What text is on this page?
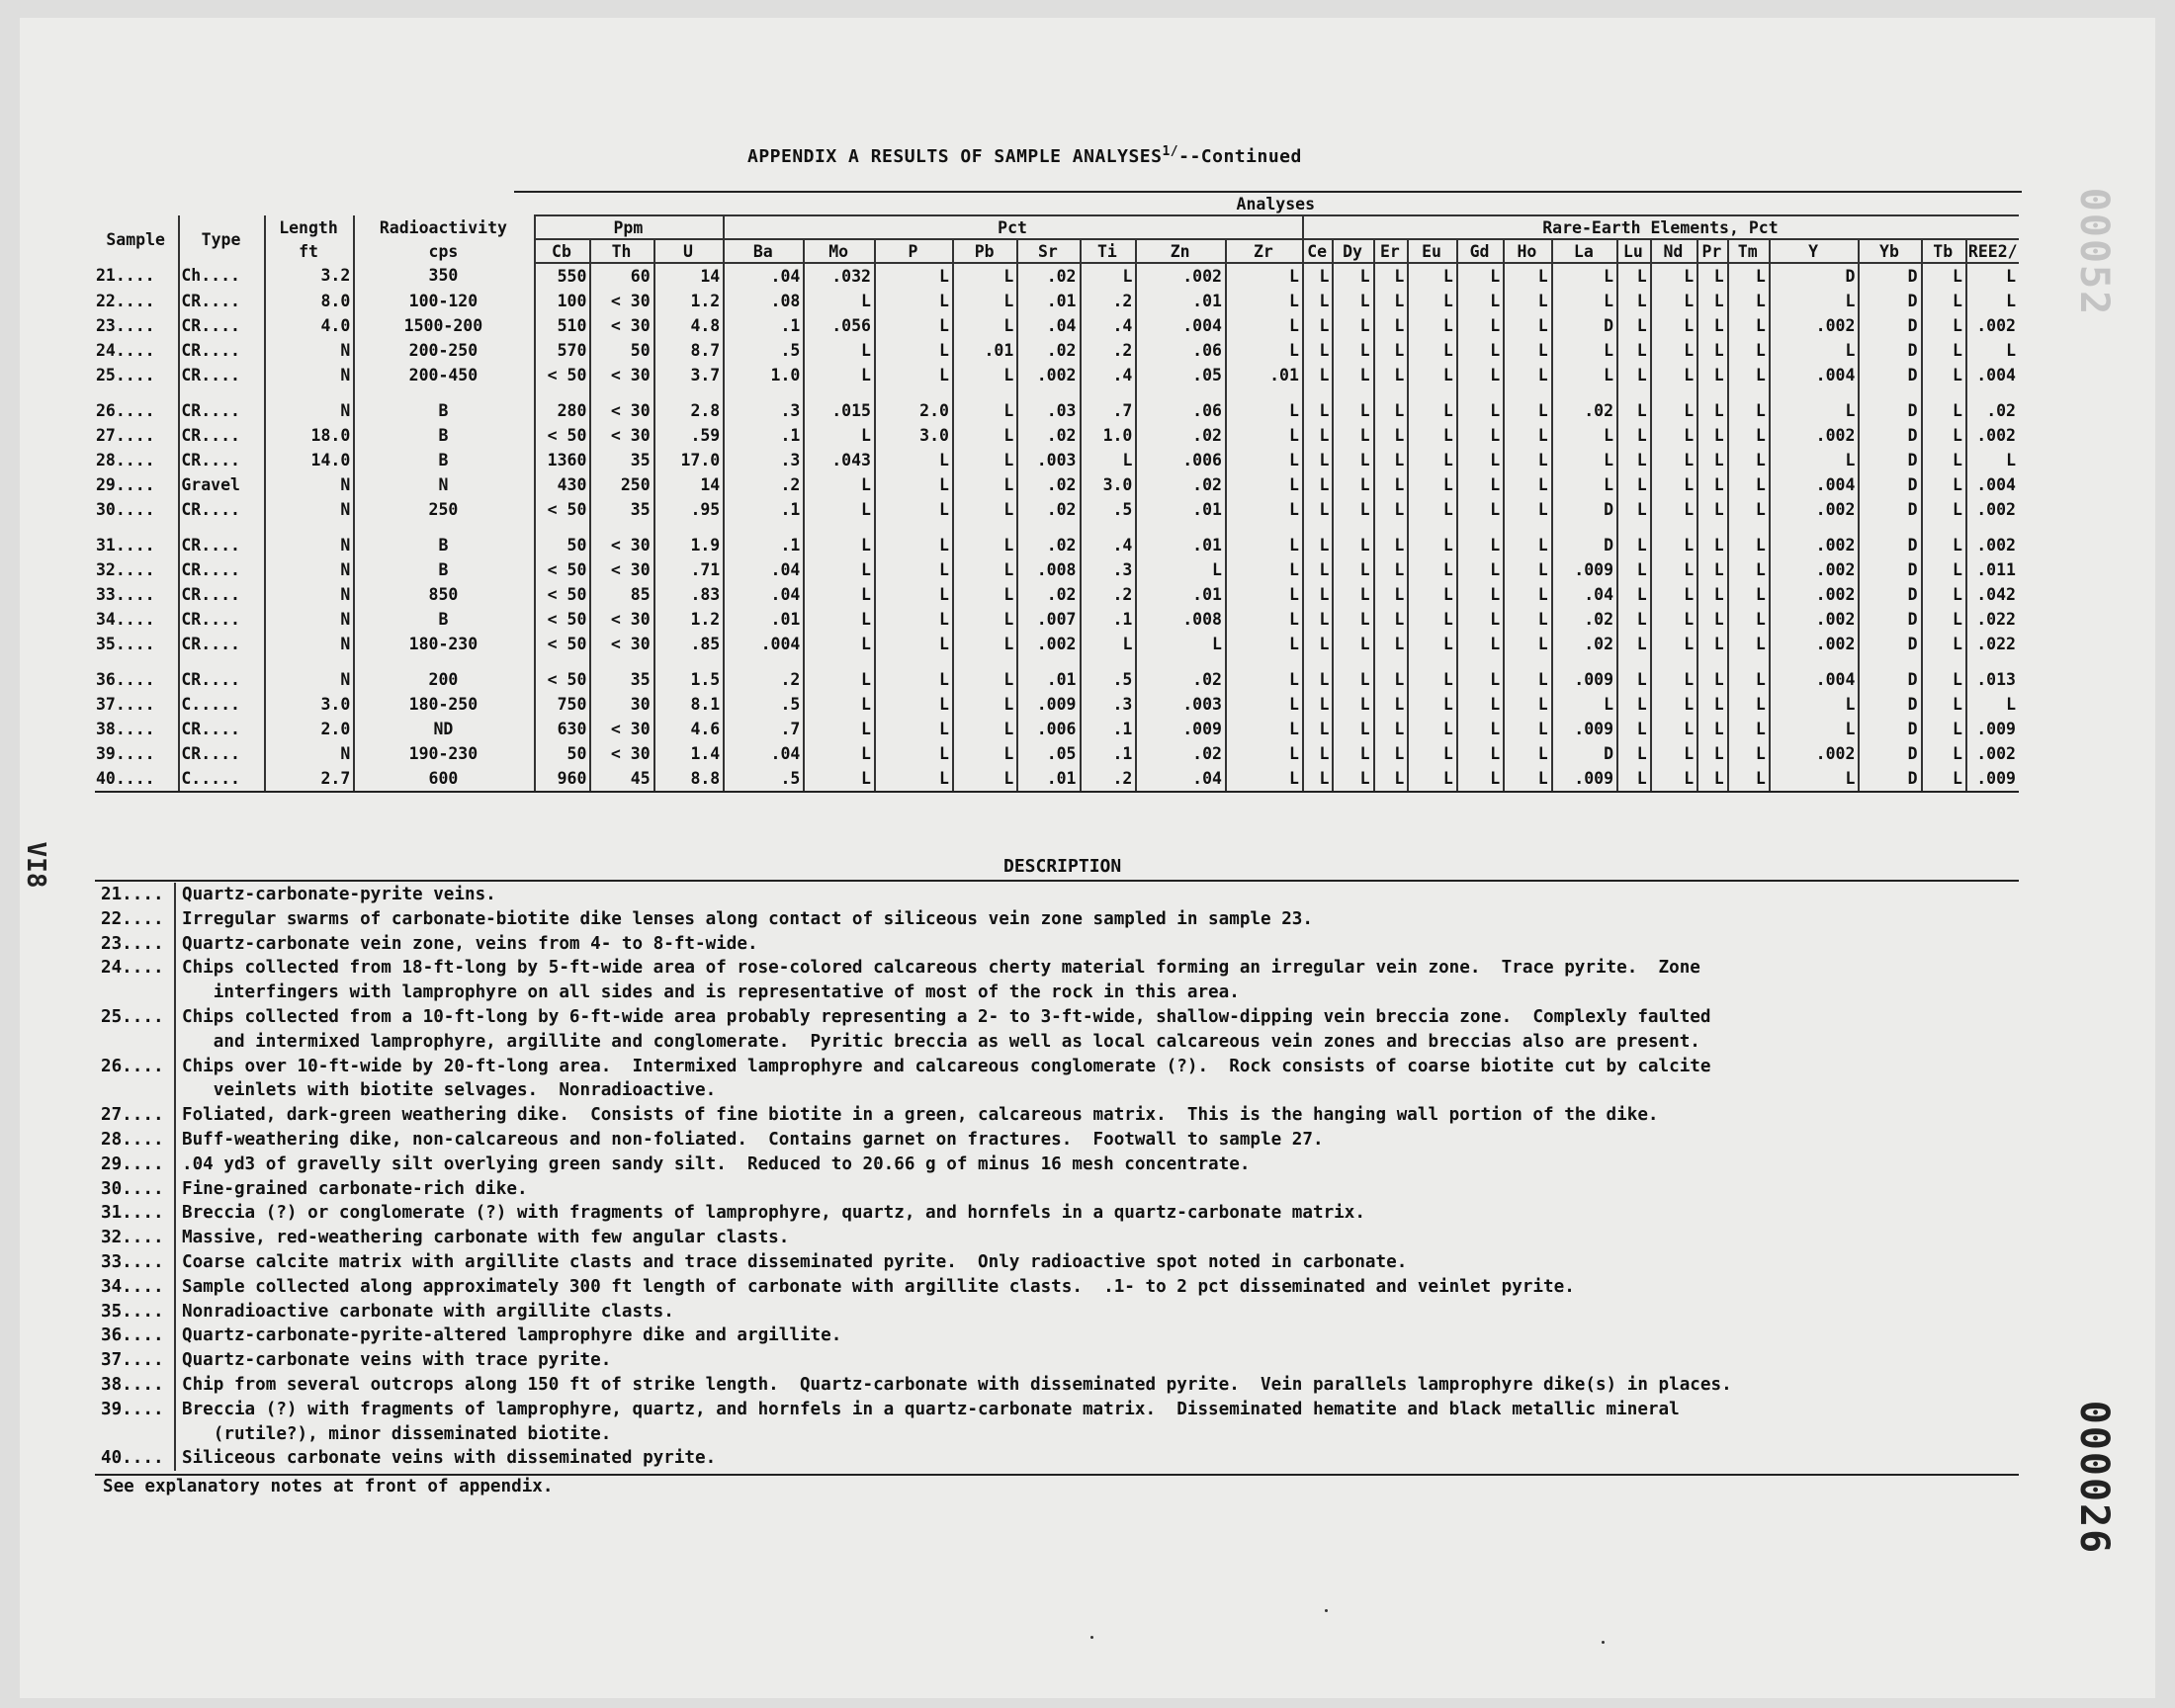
00052
000026
VI8
APPENDIX A RESULTS OF SAMPLE $ANALYSES^{1/}-$-Continued
				Analyses																									
Sample	Type	Length	Radioactivity	Ppm			Pct								Rare-Earth Elements, Pct														
		ft	cps	Cb	Th	U	Ba	Mo	P	Pb	Sr	Ti	Zn	Zr	Ce	Dy	Er	Eu	Gd	Ho	La	Lu	Nd	Pr	Tm	Y	Yb	Tb	REE2/
21....	Ch....	3.2	350	550	60	14	.04	.032	L	L	.02	L	.002	L	L	L	L	L	L	L	L	L	L	L	L	D	D	L	L
22....	CR....	8.0	100-120	100	< 30	1.2	.08	L	L	L	.01	.2	.01	L	L	L	L	L	L	L	L	L	L	L	L	L	D	L	L
23....	CR....	4.0	1500-200	510	< 30	4.8	.1	.056	L	L	.04	.4	.004	L	L	L	L	L	L	L	D	L	L	L	L	.002	D	L	.002
24....	CR....	N	200-250	570	50	8.7	.5	L	L	.01	.02	.2	.06	L	L	L	L	L	L	L	L	L	L	L	L	L	D	L	L
25....	CR....	N	200-450	< 50	< 30	3.7	1.0	L	L	L	.002	.4	.05	.01	L	L	L	L	L	L	L	L	L	L	L	.004	D	L	.004

26....	CR....	N	B	280	< 30	2.8	.3	.015	2.0	L	.03	.7	.06	L	L	L	L	L	L	L	.02	L	L	L	L	L	D	L	.02
27....	CR....	18.0	B	< 50	< 30	.59	.1	L	3.0	L	.02	1.0	.02	L	L	L	L	L	L	L	L	L	L	L	L	.002	D	L	.002
28....	CR....	14.0	B	1360	35	17.0	.3	.043	L	L	.003	L	.006	L	L	L	L	L	L	L	L	L	L	L	L	L	D	L	L
29....	Gravel	N	N	430	250	14	.2	L	L	L	.02	3.0	.02	L	L	L	L	L	L	L	L	L	L	L	L	.004	D	L	.004
30....	CR....	N	250	< 50	35	.95	.1	L	L	L	.02	.5	.01	L	L	L	L	L	L	L	D	L	L	L	L	.002	D	L	.002

31....	CR....	N	B	50	< 30	1.9	.1	L	L	L	.02	.4	.01	L	L	L	L	L	L	L	D	L	L	L	L	.002	D	L	.002
32....	CR....	N	B	< 50	< 30	.71	.04	L	L	L	.008	.3	L	L	L	L	L	L	L	L	.009	L	L	L	L	.002	D	L	.011
33....	CR....	N	850	< 50	85	.83	.04	L	L	L	.02	.2	.01	L	L	L	L	L	L	L	.04	L	L	L	L	.002	D	L	.042
34....	CR....	N	B	< 50	< 30	1.2	.01	L	L	L	.007	.1	.008	L	L	L	L	L	L	L	.02	L	L	L	L	.002	D	L	.022
35....	CR....	N	180-230	< 50	< 30	.85	.004	L	L	L	.002	L	L	L	L	L	L	L	L	L	.02	L	L	L	L	.002	D	L	.022

36....	CR....	N	200	< 50	35	1.5	.2	L	L	L	.01	.5	.02	L	L	L	L	L	L	L	.009	L	L	L	L	.004	D	L	.013
37....	C.....	3.0	180-250	750	30	8.1	.5	L	L	L	.009	.3	.003	L	L	L	L	L	L	L	L	L	L	L	L	L	D	L	L
38....	CR....	2.0	ND	630	< 30	4.6	.7	L	L	L	.006	.1	.009	L	L	L	L	L	L	L	.009	L	L	L	L	L	D	L	.009
39....	CR....	N	190-230	50	< 30	1.4	.04	L	L	L	.05	.1	.02	L	L	L	L	L	L	L	D	L	L	L	L	.002	D	L	.002
40....	C.....	2.7	600	960	45	8.8	.5	L	L	L	.01	.2	.04	L	L	L	L	L	L	L	.009	L	L	L	L	L	D	L	.009
DESCRIPTION
21....	Quartz-carbonate-pyrite veins.
22....	Irregular swarms of carbonate-biotite dike lenses along contact of siliceous vein zone sampled in sample 23.
23....	Quartz-carbonate vein zone, veins from 4- to 8-ft-wide.
24....	Chips collected from 18-ft-long by 5-ft-wide area of rose-colored calcareous cherty material forming an irregular vein zone.  Trace pyrite.  Zone
interfingers with lamprophyre on all sides and is representative of most of the rock in this area.
25....	Chips collected from a 10-ft-long by 6-ft-wide area probably representing a 2- to 3-ft-wide, shallow-dipping vein breccia zone.  Complexly faulted
and intermixed lamprophyre, argillite and conglomerate.  Pyritic breccia as well as local calcareous vein zones and breccias also are present.
26....	Chips over 10-ft-wide by 20-ft-long area.  Intermixed lamprophyre and calcareous conglomerate (?).  Rock consists of coarse biotite cut by calcite
veinlets with biotite selvages.  Nonradioactive.
27....	Foliated, dark-green weathering dike.  Consists of fine biotite in a green, calcareous matrix.  This is the hanging wall portion of the dike.
28....	Buff-weathering dike, non-calcareous and non-foliated.  Contains garnet on fractures.  Footwall to sample 27.
29....	.04 yd3 of gravelly silt overlying green sandy silt.  Reduced to 20.66 g of minus 16 mesh concentrate.
30....	Fine-grained carbonate-rich dike.
31....	Breccia (?) or conglomerate (?) with fragments of lamprophyre, quartz, and hornfels in a quartz-carbonate matrix.
32....	Massive, red-weathering carbonate with few angular clasts.
33....	Coarse calcite matrix with argillite clasts and trace disseminated pyrite.  Only radioactive spot noted in carbonate.
34....	Sample collected along approximately 300 ft length of carbonate with argillite clasts.  .1- to 2 pct disseminated and veinlet pyrite.
35....	Nonradioactive carbonate with argillite clasts.
36....	Quartz-carbonate-pyrite-altered lamprophyre dike and argillite.
37....	Quartz-carbonate veins with trace pyrite.
38....	Chip from several outcrops along 150 ft of strike length.  Quartz-carbonate with disseminated pyrite.  Vein parallels lamprophyre dike(s) in places.
39....	Breccia (?) with fragments of lamprophyre, quartz, and hornfels in a quartz-carbonate matrix.  Disseminated hematite and black metallic mineral
(rutile?), minor disseminated biotite.
40....	Siliceous carbonate veins with disseminated pyrite.
See explanatory notes at front of appendix.
